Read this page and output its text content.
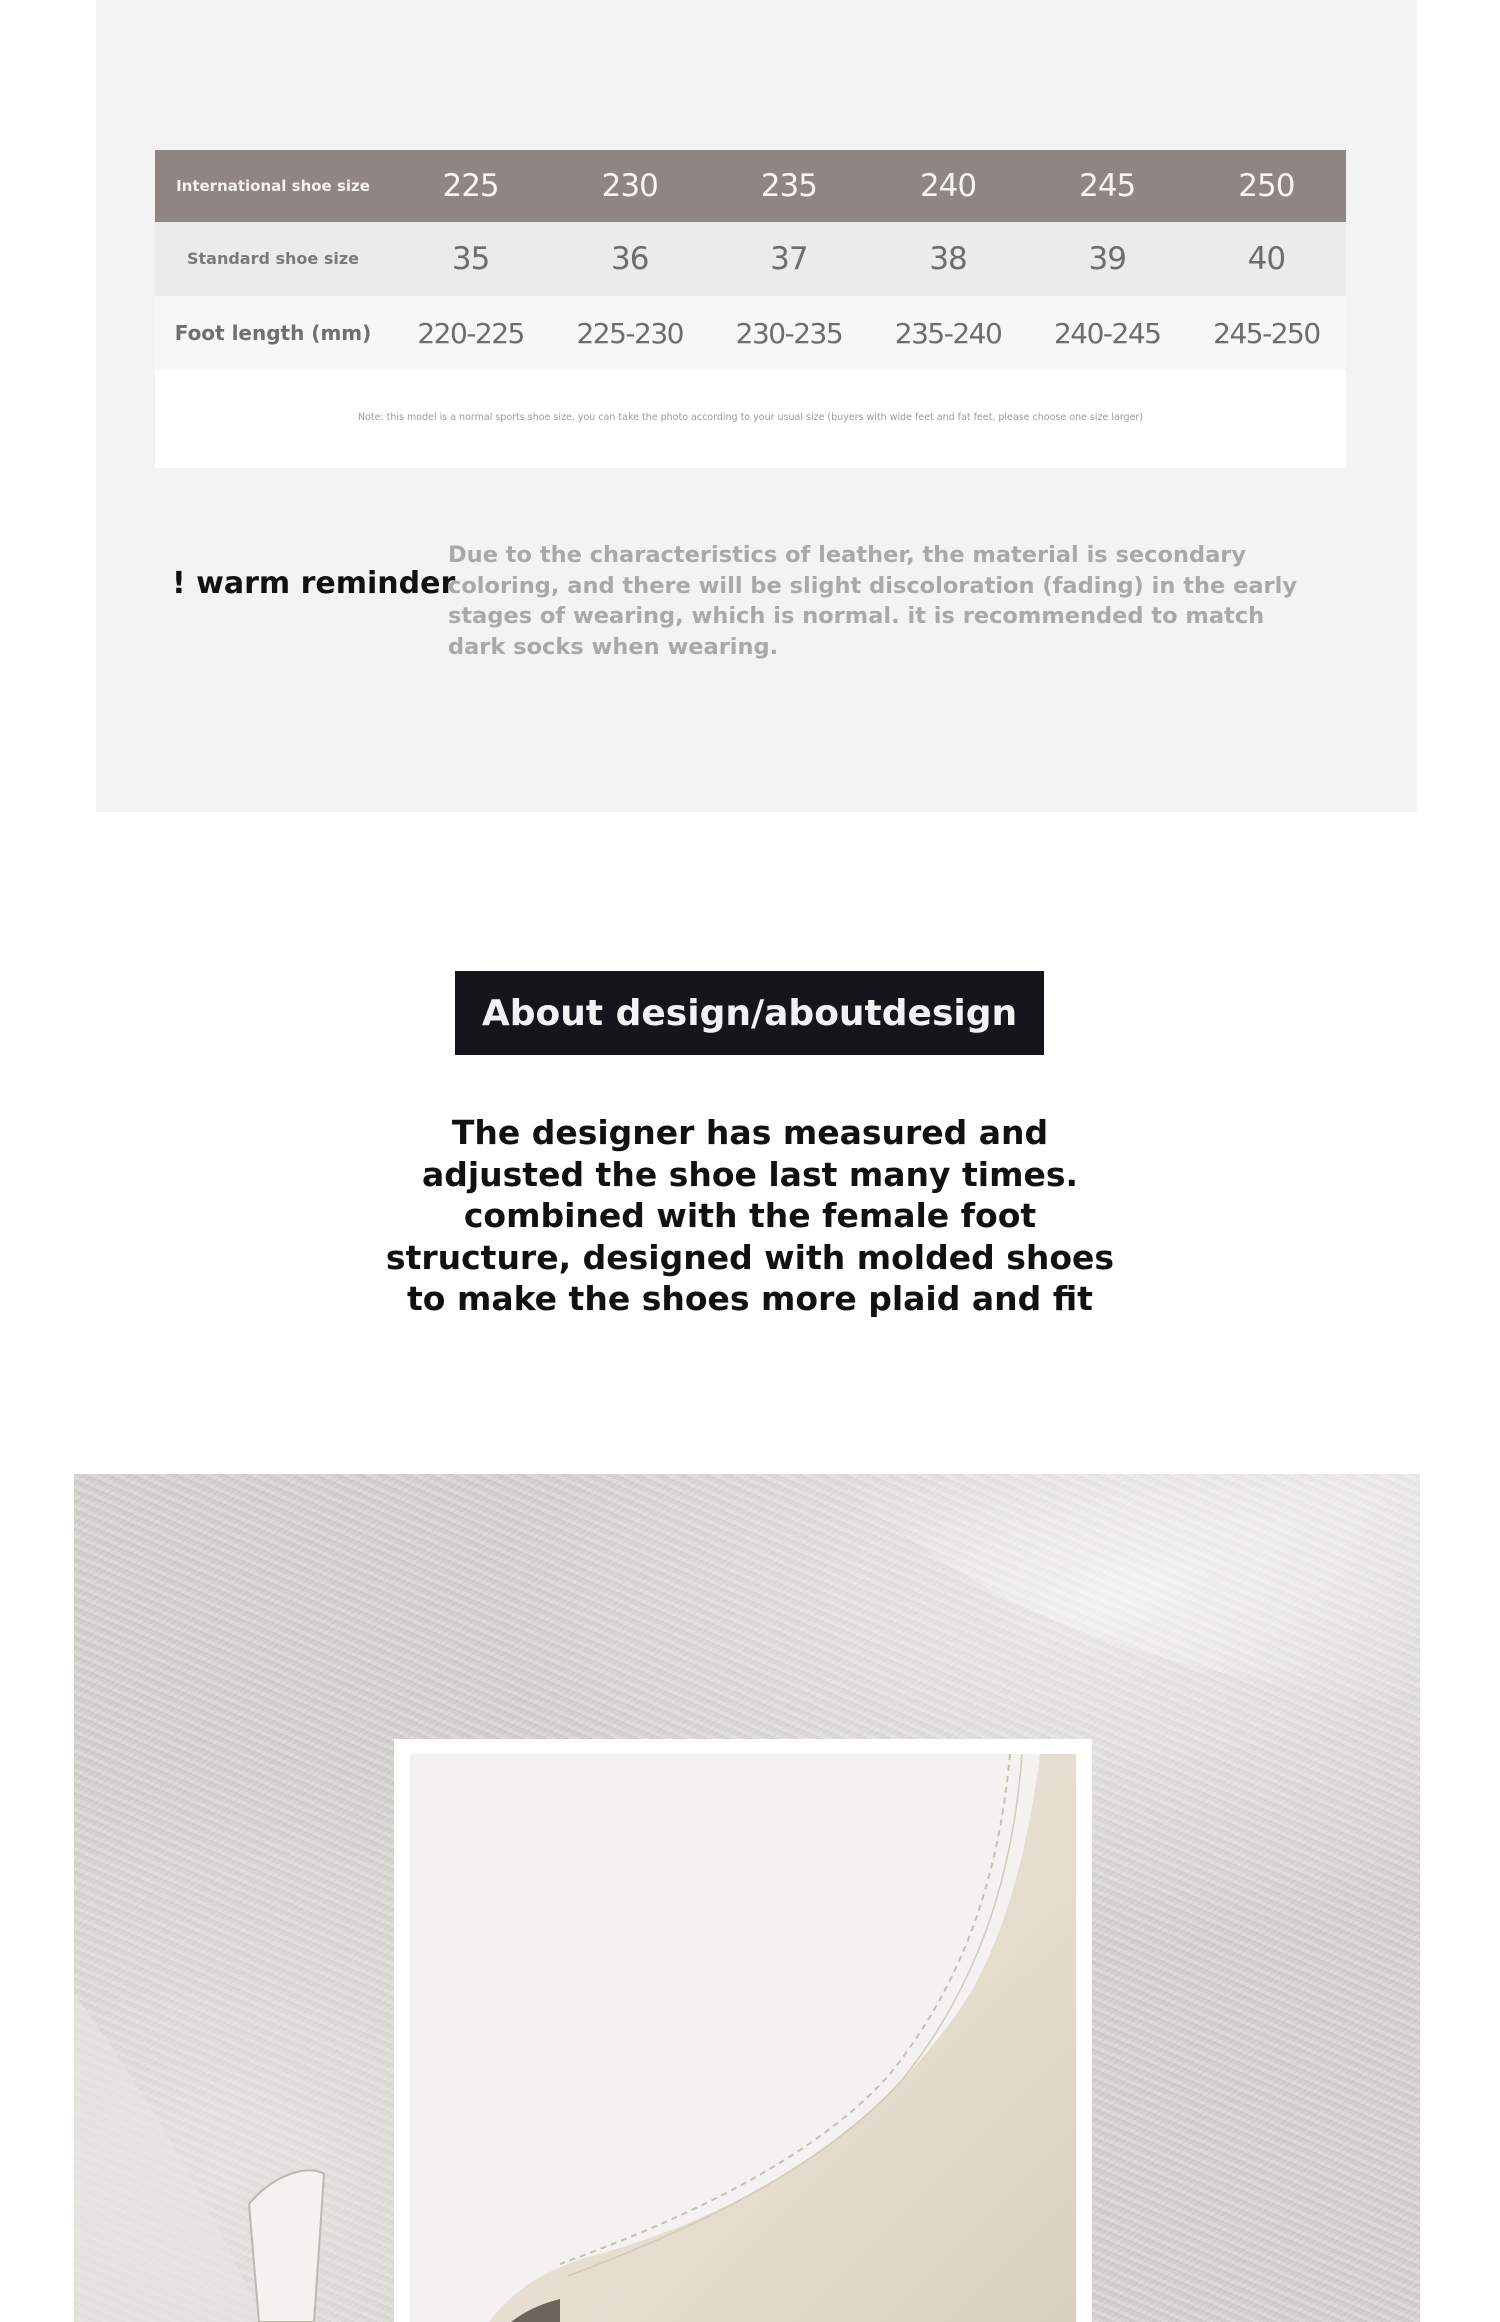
International shoe size	225	230	235	240	245	250
Standard shoe size	35	36	37	38	39	40
Foot length (mm)	220-225	225-230	230-235	235-240	240-245	245-250
Note: this model is a normal sports shoe size, you can take the photo according to your usual size (buyers with wide feet and fat feet, please choose one size larger)
! warm reminder
Due to the characteristics of leather, the material is secondary coloring, and there will be slight discoloration (fading) in the early stages of wearing, which is normal. it is recommended to match dark socks when wearing.
About design/aboutdesign
The designer has measured and adjusted the shoe last many times. combined with the female foot structure, designed with molded shoes to make the shoes more plaid and fit
